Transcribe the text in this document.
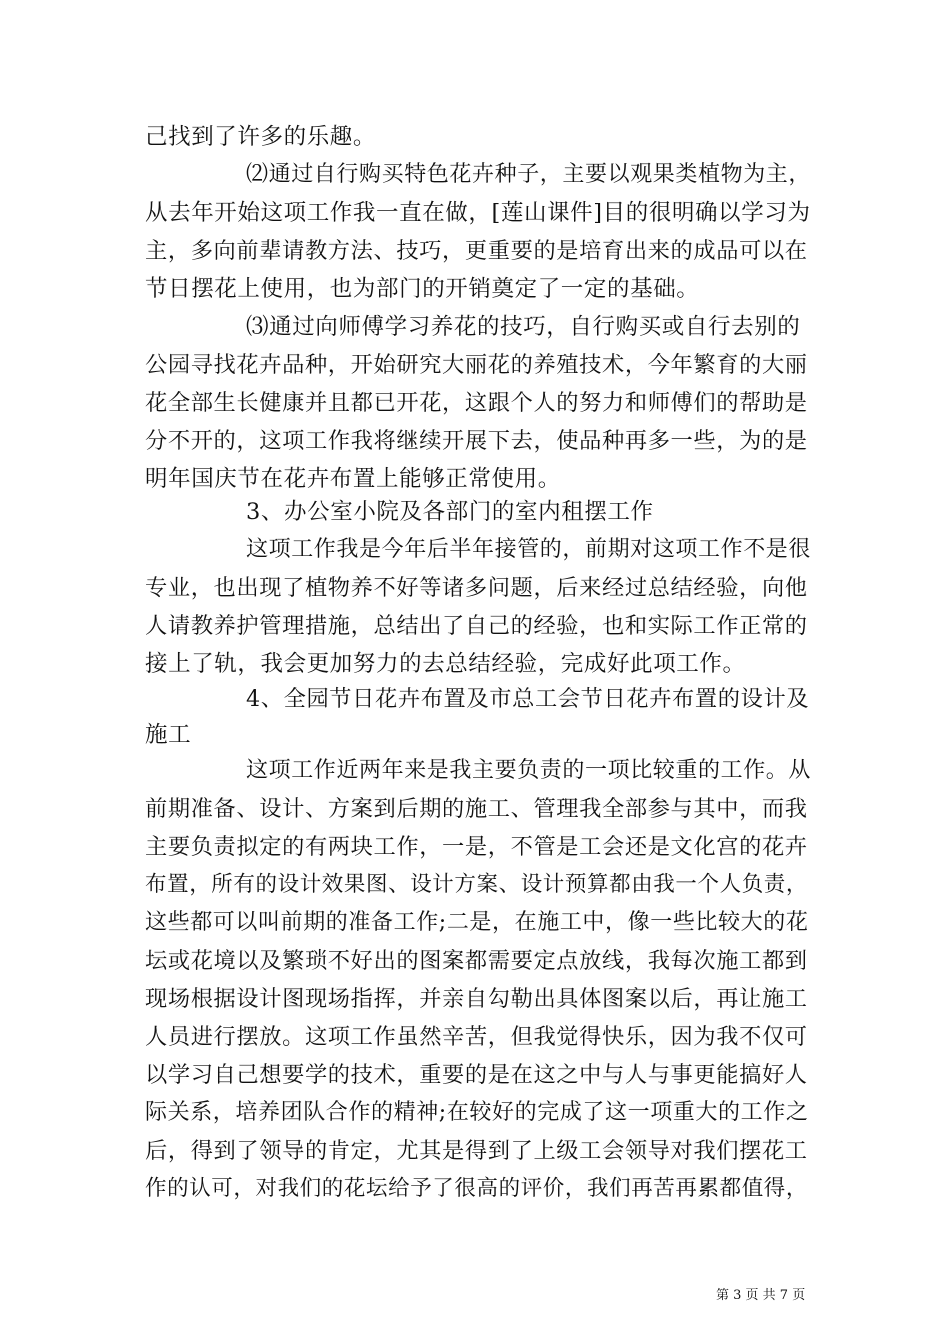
己找到了许多的乐趣。
⑵通过自行购买特色花卉种子，主要以观果类植物为主，
从去年开始这项工作我一直在做，[莲山课件]目的很明确以学习为
主，多向前辈请教方法、技巧，更重要的是培育出来的成品可以在
节日摆花上使用，也为部门的开销奠定了一定的基础。
⑶通过向师傅学习养花的技巧，自行购买或自行去别的
公园寻找花卉品种，开始研究大丽花的养殖技术，今年繁育的大丽
花全部生长健康并且都已开花，这跟个人的努力和师傅们的帮助是
分不开的，这项工作我将继续开展下去，使品种再多一些，为的是
明年国庆节在花卉布置上能够正常使用。
3、办公室小院及各部门的室内租摆工作
这项工作我是今年后半年接管的，前期对这项工作不是很
专业，也出现了植物养不好等诸多问题，后来经过总结经验，向他
人请教养护管理措施，总结出了自己的经验，也和实际工作正常的
接上了轨，我会更加努力的去总结经验，完成好此项工作。
4、全园节日花卉布置及市总工会节日花卉布置的设计及
施工
这项工作近两年来是我主要负责的一项比较重的工作。从
前期准备、设计、方案到后期的施工、管理我全部参与其中，而我
主要负责拟定的有两块工作，一是，不管是工会还是文化宫的花卉
布置，所有的设计效果图、设计方案、设计预算都由我一个人负责，
这些都可以叫前期的准备工作;二是，在施工中，像一些比较大的花
坛或花境以及繁琐不好出的图案都需要定点放线，我每次施工都到
现场根据设计图现场指挥，并亲自勾勒出具体图案以后，再让施工
人员进行摆放。这项工作虽然辛苦，但我觉得快乐，因为我不仅可
以学习自己想要学的技术，重要的是在这之中与人与事更能搞好人
际关系，培养团队合作的精神;在较好的完成了这一项重大的工作之
后，得到了领导的肯定，尤其是得到了上级工会领导对我们摆花工
作的认可，对我们的花坛给予了很高的评价，我们再苦再累都值得，
第 3 页 共 7 页
